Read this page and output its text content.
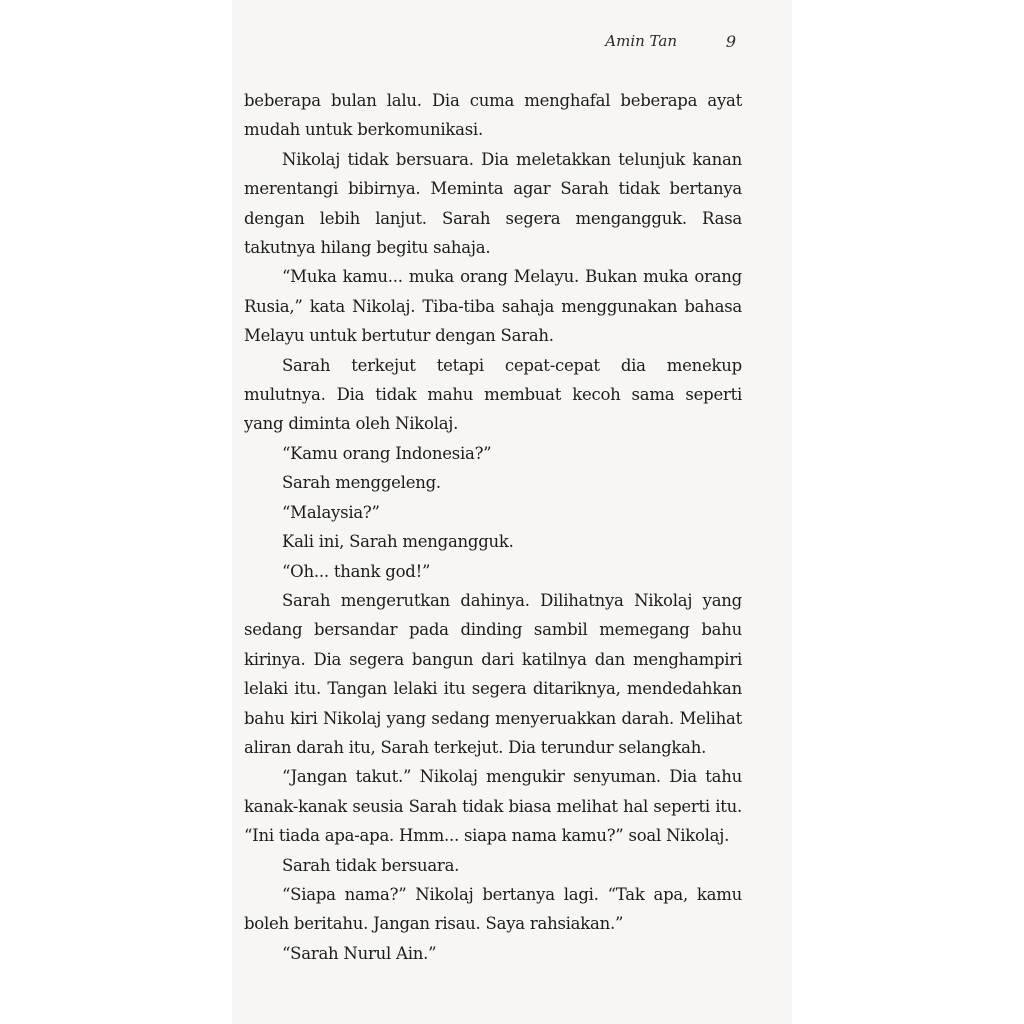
Amin Tan	9

beberapa bulan lalu. Dia cuma menghafal beberapa ayat mudah untuk berkomunikasi.

Nikolaj tidak bersuara. Dia meletakkan telunjuk kanan merentangi bibirnya. Meminta agar Sarah tidak bertanya dengan lebih lanjut. Sarah segera mengangguk. Rasa takutnya hilang begitu sahaja.

“Muka kamu... muka orang Melayu. Bukan muka orang Rusia,” kata Nikolaj. Tiba-tiba sahaja menggunakan bahasa Melayu untuk bertutur dengan Sarah.

Sarah terkejut tetapi cepat-cepat dia menekup mulutnya. Dia tidak mahu membuat kecoh sama seperti yang diminta oleh Nikolaj.

“Kamu orang Indonesia?”

Sarah menggeleng.

“Malaysia?”

Kali ini, Sarah mengangguk.

“Oh... thank god!”

Sarah mengerutkan dahinya. Dilihatnya Nikolaj yang sedang bersandar pada dinding sambil memegang bahu kirinya. Dia segera bangun dari katilnya dan menghampiri lelaki itu. Tangan lelaki itu segera ditariknya, mendedahkan bahu kiri Nikolaj yang sedang menyeruakkan darah. Melihat aliran darah itu, Sarah terkejut. Dia terundur selangkah.

“Jangan takut.” Nikolaj mengukir senyuman. Dia tahu kanak-kanak seusia Sarah tidak biasa melihat hal seperti itu. “Ini tiada apa-apa. Hmm... siapa nama kamu?” soal Nikolaj.

Sarah tidak bersuara.

“Siapa nama?” Nikolaj bertanya lagi. “Tak apa, kamu boleh beritahu. Jangan risau. Saya rahsiakan.”

“Sarah Nurul Ain.”
